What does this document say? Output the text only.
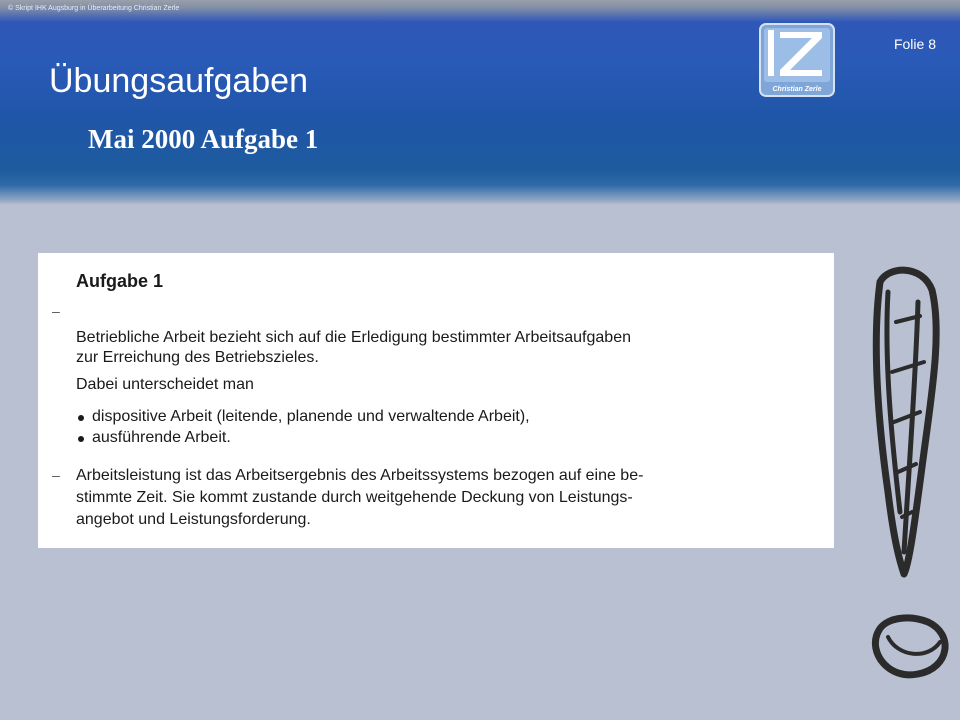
© Skript IHK Augsburg in Überarbeitung Christian Zerle
Folie 8
Übungsaufgaben
Mai 2000 Aufgabe 1
Christian Zerle
Aufgabe 1
–
Betriebliche Arbeit bezieht sich auf die Erledigung bestimmter Arbeitsaufgaben
zur Erreichung des Betriebszieles.
Dabei unterscheidet man
dispositive Arbeit (leitende, planende und verwaltende Arbeit),
ausführende Arbeit.
– Arbeitsleistung ist das Arbeitsergebnis des Arbeitssystems bezogen auf eine be-
stimmte Zeit. Sie kommt zustande durch weitgehende Deckung von Leistungs-
angebot und Leistungsforderung.
